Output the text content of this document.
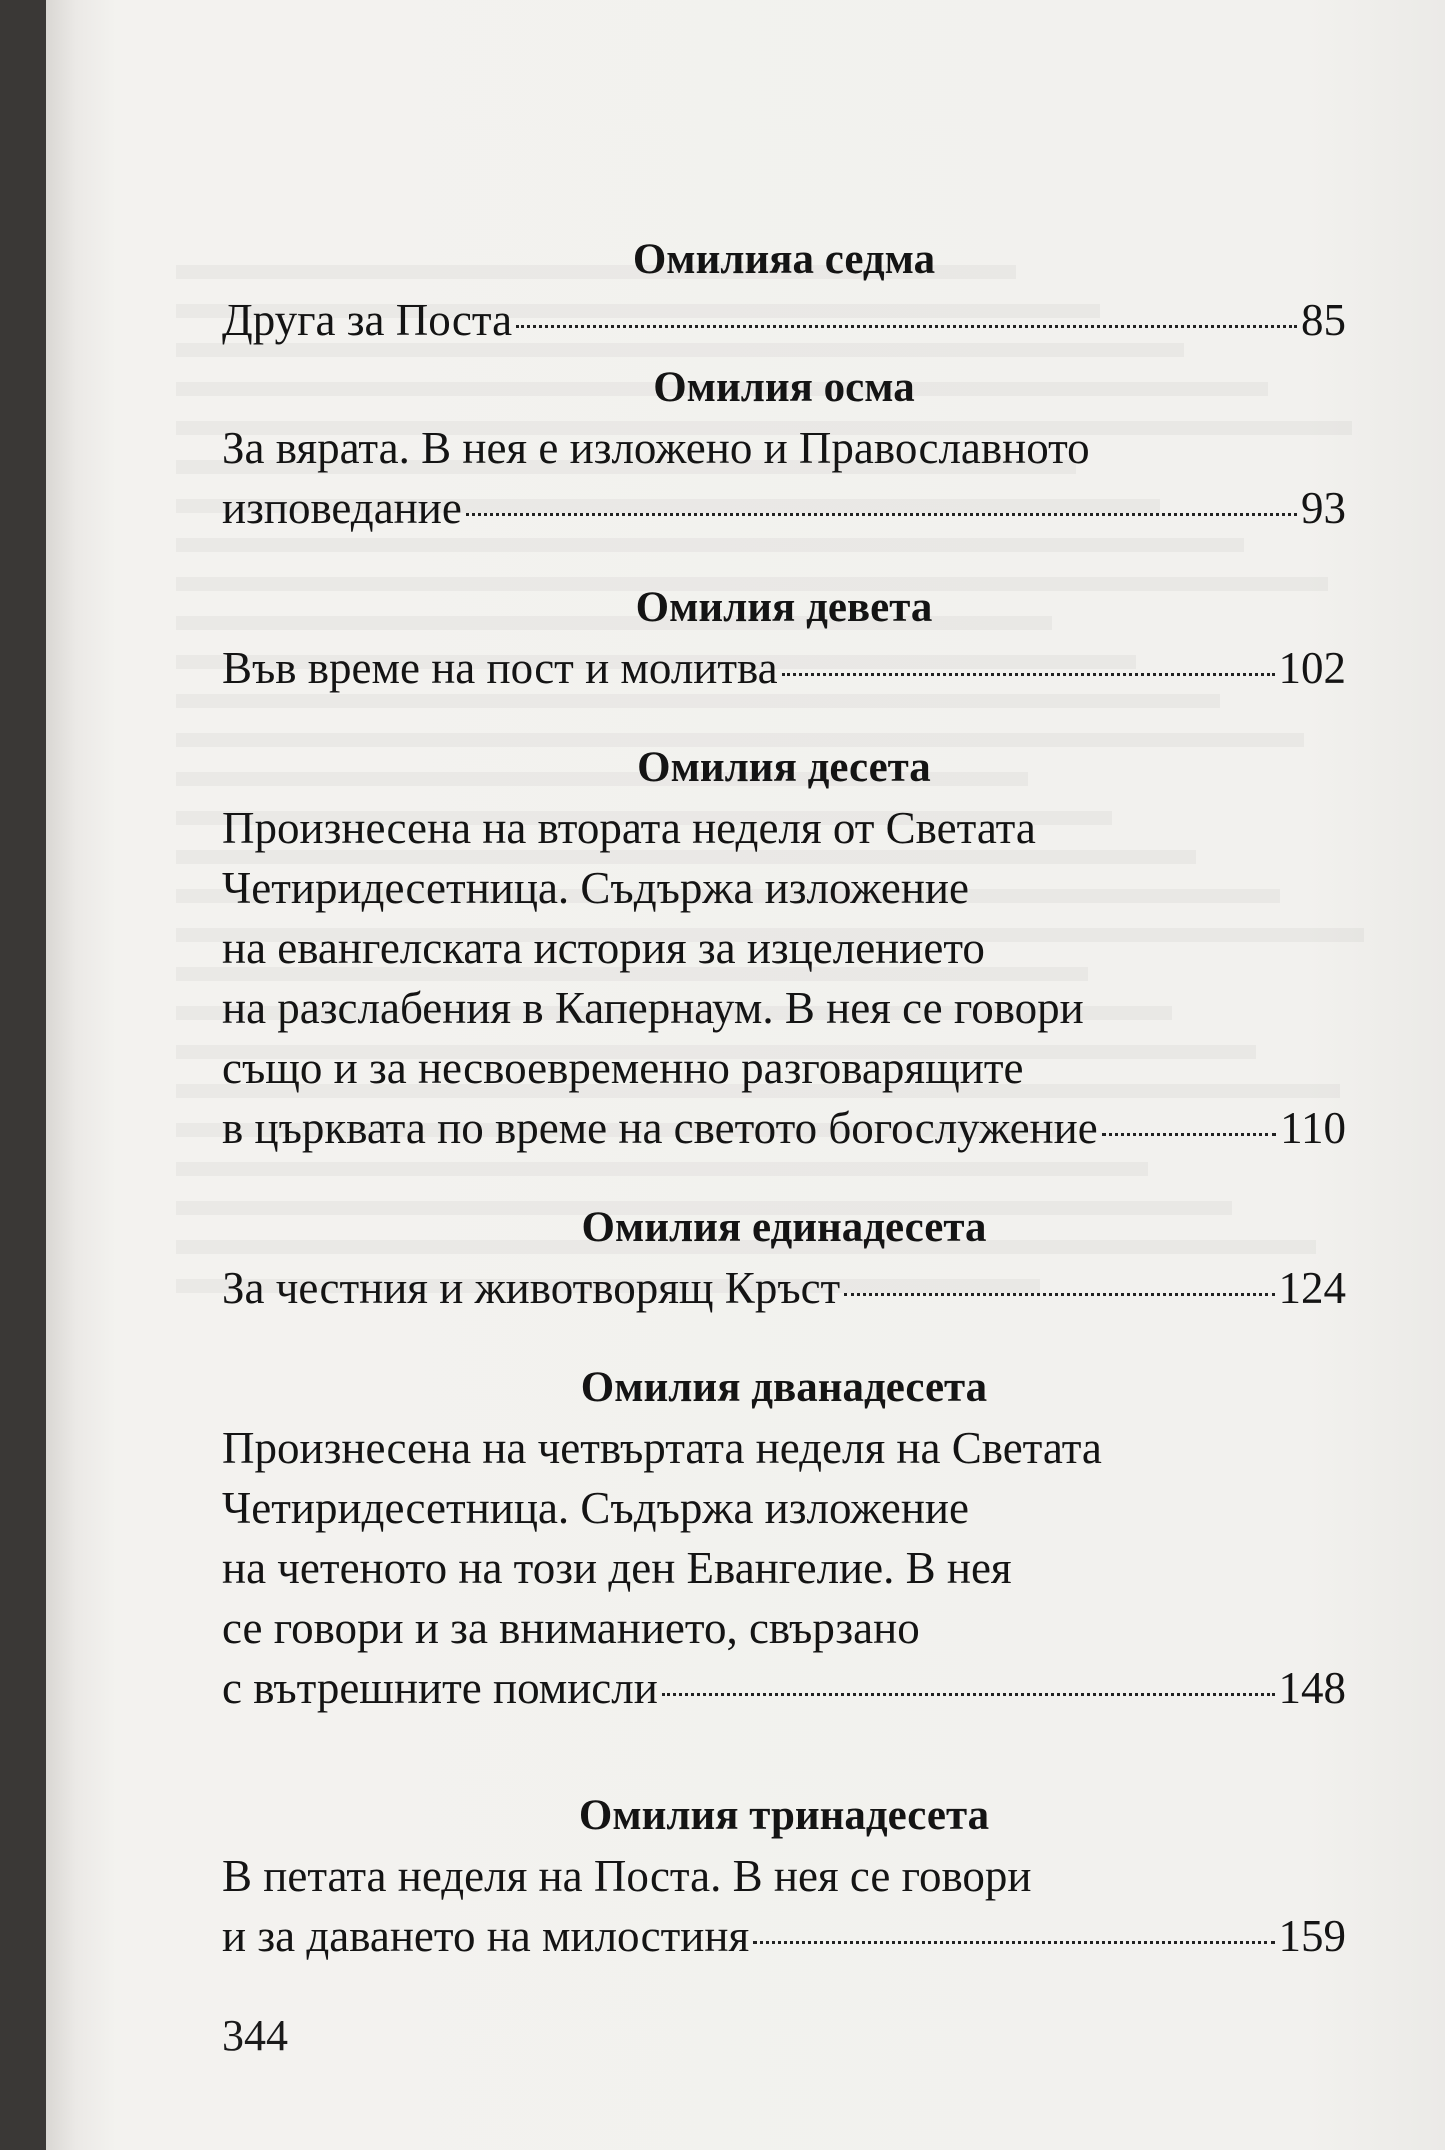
Омилияа седма

Друга за Поста	85

Омилия осма

За вярата. В нея е изложено и Православното
изповедание	93

Омилия девета

Във време на пост и молитва	102

Омилия десета

Произнесена на втората неделя от Светата
Четиридесетница. Съдържа изложение
на евангелската история за изцелението
на разслабения в Капернаум. В нея се говори
също и за несвоевременно разговарящите
в църквата по време на светото богослужение	110

Омилия единадесета

За честния и животворящ Кръст	124

Омилия дванадесета

Произнесена на четвъртата неделя на Светата
Четиридесетница. Съдържа изложение
на четеното на този ден Евангелие. В нея
се говори и за вниманието, свързано
с вътрешните помисли	148

Омилия тринадесета

В петата неделя на Поста. В нея се говори
и за даването на милостиня	159
344
